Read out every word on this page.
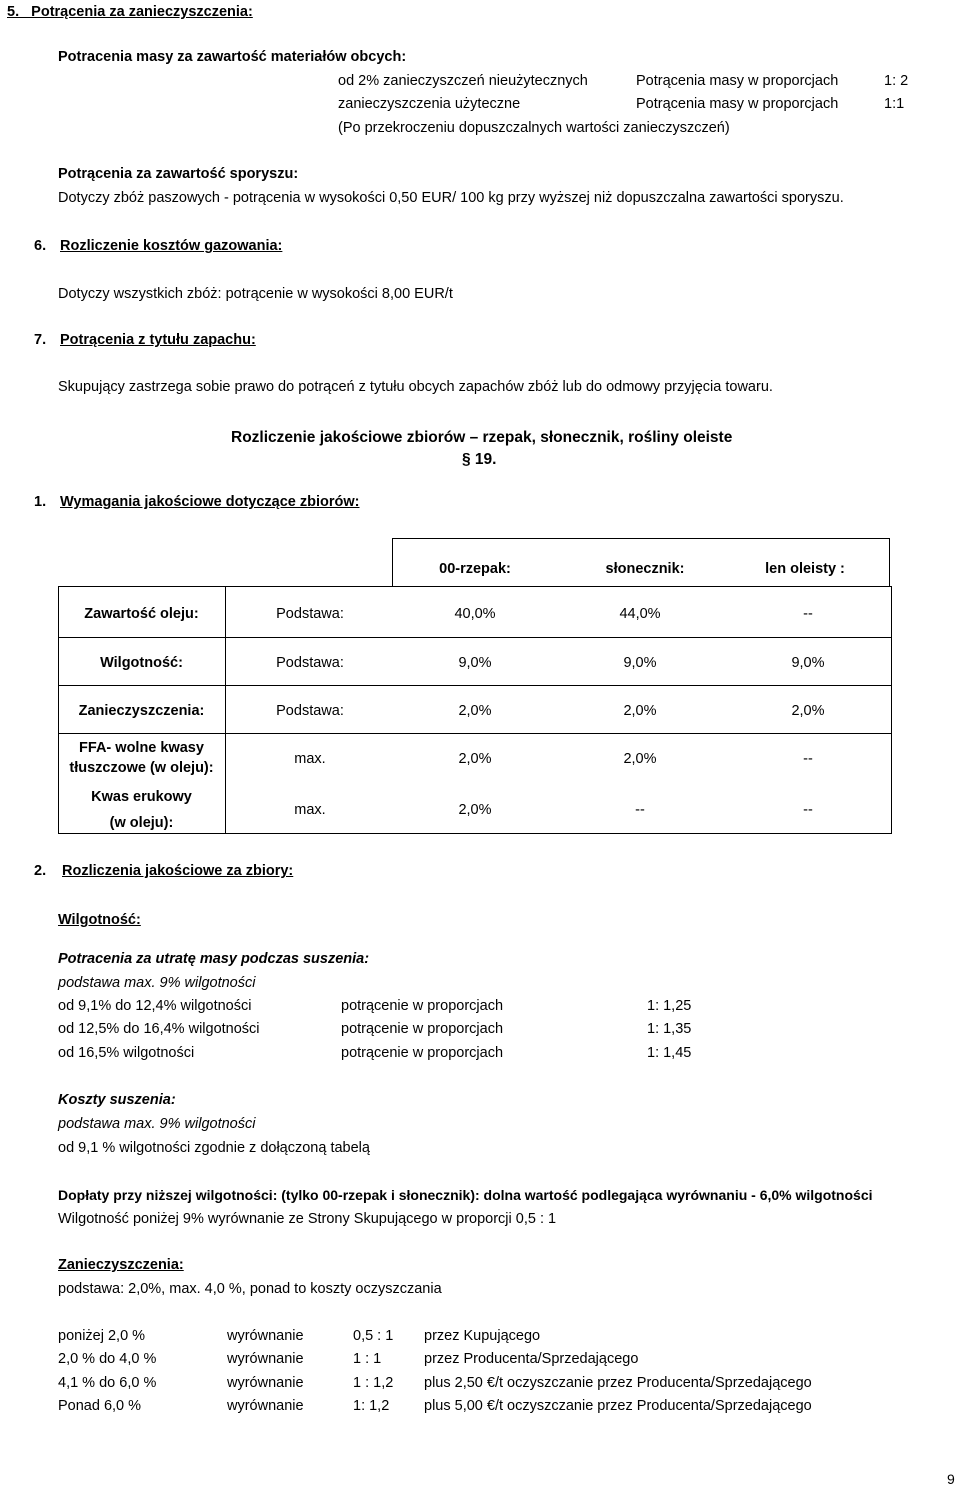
5.   Potrącenia za zanieczyszczenia:
Potracenia masy za zawartość materiałów obcych:
od 2% zanieczyszczeń nieużytecznych	Potrącenia masy w proporcjach	1: 2
zanieczyszczenia użyteczne	Potrącenia masy w proporcjach	1:1
(Po przekroczeniu dopuszczalnych wartości zanieczyszczeń)
Potrącenia za zawartość sporyszu:
Dotyczy zbóż paszowych - potrącenia w wysokości 0,50 EUR/ 100 kg przy wyższej niż dopuszczalna zawartości sporyszu.
6. Rozliczenie kosztów gazowania:
Dotyczy wszystkich zbóż: potrącenie w wysokości 8,00 EUR/t
7. Potrącenia z tytułu zapachu:
Skupujący zastrzega sobie prawo do potrąceń z tytułu obcych zapachów zbóż lub do odmowy przyjęcia towaru.
Rozliczenie jakościowe zbiorów – rzepak, słonecznik, rośliny oleiste
§ 19.
1. Wymagania jakościowe dotyczące zbiorów:
00-rzepak:	słonecznik:	len oleisty :
Zawartość oleju:	Podstawa:	40,0%	44,0%	--
Wilgotność:	Podstawa:	9,0%	9,0%	9,0%
Zanieczyszczenia:	Podstawa:	2,0%	2,0%	2,0%
FFA- wolne kwasy
tłuszczowe (w oleju):
max.	2,0%	2,0%	--
Kwas erukowy
(w oleju):
max.	2,0%	--	--
2. Rozliczenia jakościowe za zbiory:
Wilgotność:
Potracenia za utratę masy podczas suszenia:
podstawa max. 9% wilgotności
od 9,1% do 12,4% wilgotności	potrącenie w proporcjach	1: 1,25
od 12,5% do 16,4% wilgotności	potrącenie w proporcjach	1: 1,35
od 16,5% wilgotności	potrącenie w proporcjach	1: 1,45
Koszty suszenia:
podstawa max. 9% wilgotności
od 9,1 % wilgotności zgodnie z dołączoną tabelą
Dopłaty przy niższej wilgotności: (tylko 00-rzepak i słonecznik): dolna wartość podlegająca wyrównaniu - 6,0% wilgotności
Wilgotność poniżej 9% wyrównanie ze Strony Skupującego w proporcji 0,5 : 1
Zanieczyszczenia:
podstawa: 2,0%, max. 4,0 %, ponad to koszty oczyszczania
poniżej 2,0 %	wyrównanie	0,5 : 1 przez Kupującego
2,0 % do 4,0 %	wyrównanie	1 : 1	przez Producenta/Sprzedającego
4,1 % do 6,0 %	wyrównanie	1 : 1,2 plus 2,50 €/t oczyszczanie przez Producenta/Sprzedającego
Ponad 6,0 %	wyrównanie	1: 1,2 plus 5,00 €/t oczyszczanie przez Producenta/Sprzedającego
9
